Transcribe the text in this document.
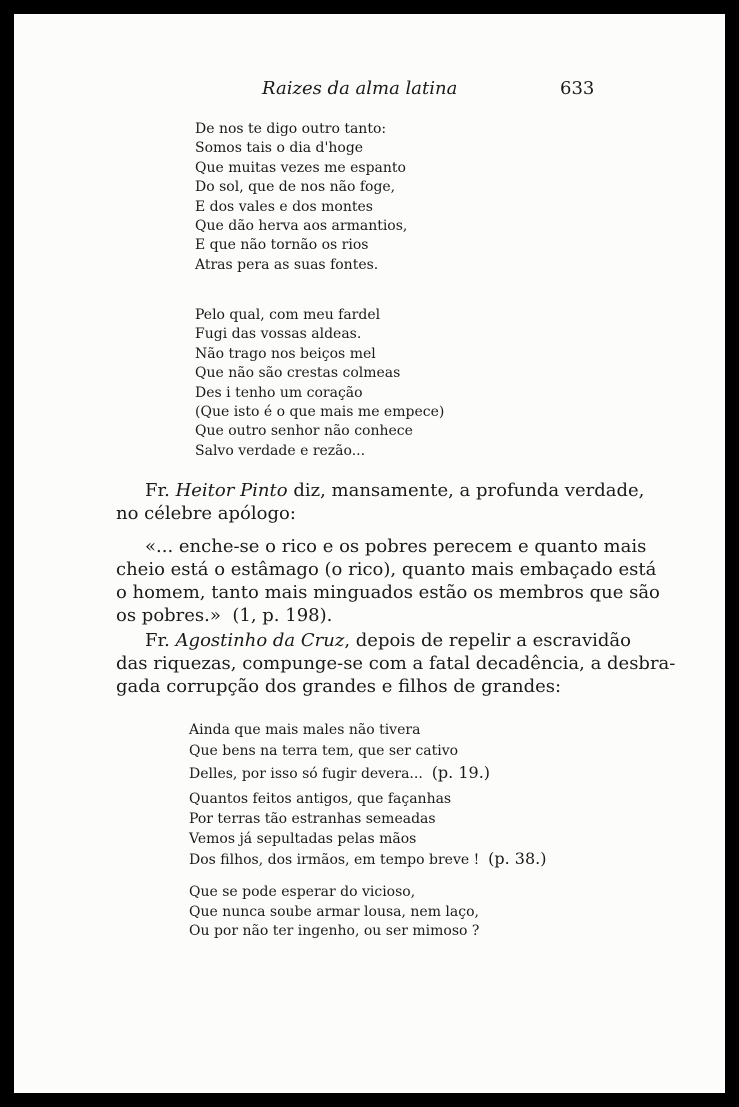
Raizes da alma latina	633
De nos te digo outro tanto:
Somos tais o dia d'hoge
Que muitas vezes me espanto
Do sol, que de nos não foge,
E dos vales e dos montes
Que dão herva aos armantios,
E que não tornão os rios
Atras pera as suas fontes.
Pelo qual, com meu fardel
Fugi das vossas aldeas.
Não trago nos beiços mel
Que não são crestas colmeas
Des i tenho um coração
(Que isto é o que mais me empece)
Que outro senhor não conhece
Salvo verdade e rezão...
Fr. Heitor Pinto diz, mansamente, a profunda verdade,
no célebre apólogo:
«... enche-se o rico e os pobres perecem e quanto mais
cheio está o estâmago (o rico), quanto mais embaçado está
o homem, tanto mais minguados estão os membros que são
os pobres.» (1, p. 198).
Fr. Agostinho da Cruz, depois de repelir a escravidão
das riquezas, compunge-se com a fatal decadência, a desbra-
gada corrupção dos grandes e filhos de grandes:
Ainda que mais males não tivera
Que bens na terra tem, que ser cativo
Delles, por isso só fugir devera... (p. 19.)
Quantos feitos antigos, que façanhas
Por terras tão estranhas semeadas
Vemos já sepultadas pelas mãos
Dos filhos, dos irmãos, em tempo breve ! (p. 38.)
Que se pode esperar do vicioso,
Que nunca soube armar lousa, nem laço,
Ou por não ter ingenho, ou ser mimoso ?
